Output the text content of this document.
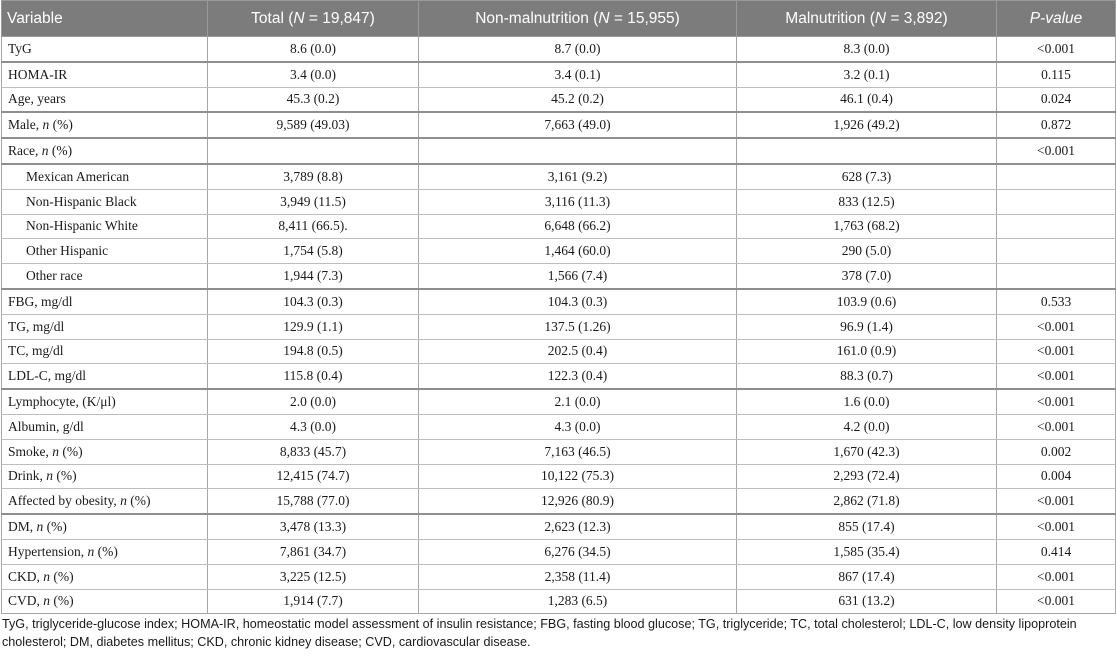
Variable	Total (N = 19,847)	Non-malnutrition (N = 15,955)	Malnutrition (N = 3,892)	P-value
TyG	8.6 (0.0)	8.7 (0.0)	8.3 (0.0)	<0.001
HOMA-IR	3.4 (0.0)	3.4 (0.1)	3.2 (0.1)	0.115
Age, years	45.3 (0.2)	45.2 (0.2)	46.1 (0.4)	0.024
Male, n (%)	9,589 (49.03)	7,663 (49.0)	1,926 (49.2)	0.872
Race, n (%)				<0.001
Mexican American	3,789 (8.8)	3,161 (9.2)	628 (7.3)	
Non-Hispanic Black	3,949 (11.5)	3,116 (11.3)	833 (12.5)	
Non-Hispanic White	8,411 (66.5).	6,648 (66.2)	1,763 (68.2)	
Other Hispanic	1,754 (5.8)	1,464 (60.0)	290 (5.0)	
Other race	1,944 (7.3)	1,566 (7.4)	378 (7.0)	
FBG, mg/dl	104.3 (0.3)	104.3 (0.3)	103.9 (0.6)	0.533
TG, mg/dl	129.9 (1.1)	137.5 (1.26)	96.9 (1.4)	<0.001
TC, mg/dl	194.8 (0.5)	202.5 (0.4)	161.0 (0.9)	<0.001
LDL-C, mg/dl	115.8 (0.4)	122.3 (0.4)	88.3 (0.7)	<0.001
Lymphocyte, (K/μl)	2.0 (0.0)	2.1 (0.0)	1.6 (0.0)	<0.001
Albumin, g/dl	4.3 (0.0)	4.3 (0.0)	4.2 (0.0)	<0.001
Smoke, n (%)	8,833 (45.7)	7,163 (46.5)	1,670 (42.3)	0.002
Drink, n (%)	12,415 (74.7)	10,122 (75.3)	2,293 (72.4)	0.004
Affected by obesity, n (%)	15,788 (77.0)	12,926 (80.9)	2,862 (71.8)	<0.001
DM, n (%)	3,478 (13.3)	2,623 (12.3)	855 (17.4)	<0.001
Hypertension, n (%)	7,861 (34.7)	6,276 (34.5)	1,585 (35.4)	0.414
CKD, n (%)	3,225 (12.5)	2,358 (11.4)	867 (17.4)	<0.001
CVD, n (%)	1,914 (7.7)	1,283 (6.5)	631 (13.2)	<0.001
TyG, triglyceride-glucose index; HOMA-IR, homeostatic model assessment of insulin resistance; FBG, fasting blood glucose; TG, triglyceride; TC, total cholesterol; LDL-C, low density lipoprotein cholesterol; DM, diabetes mellitus; CKD, chronic kidney disease; CVD, cardiovascular disease.
